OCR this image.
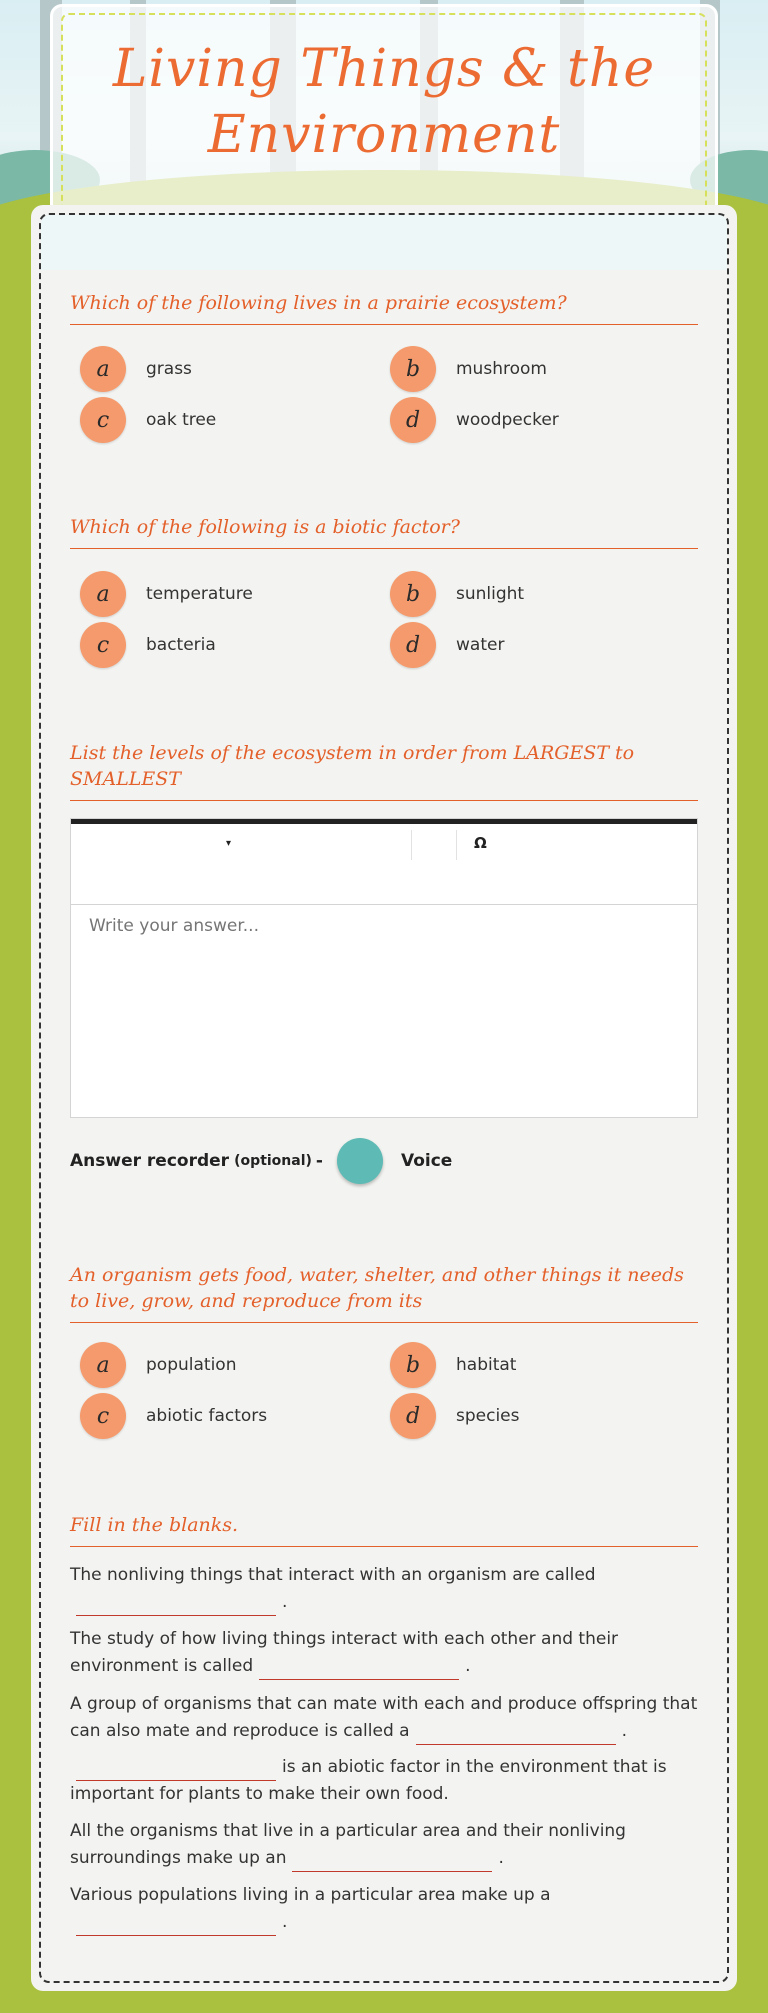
Living Things & the Environment
Which of the following lives in a prairie ecosystem?
a	grass	b	mushroom
c	oak tree	d	woodpecker
Which of the following is a biotic factor?
a	temperature	b	sunlight
c	bacteria	d	water
List the levels of the ecosystem in order from LARGEST to SMALLEST
▾	Ω
Write your answer...
Answer recorder
(optional) -	Voice
An organism gets food, water, shelter, and other things it needs to live, grow, and reproduce from its
a	population	b	habitat
c	abiotic factors	d	species
Fill in the blanks.
The nonliving things that interact with an organism are called
.
The study of how living things interact with each other and their environment is called	.
A group of organisms that can mate with each and produce offspring that can also mate and reproduce is called a	.
is an abiotic factor in the environment that is important for plants to make their own food.
All the organisms that live in a particular area and their nonliving surroundings make up an	.
Various populations living in a particular area make up a
.
